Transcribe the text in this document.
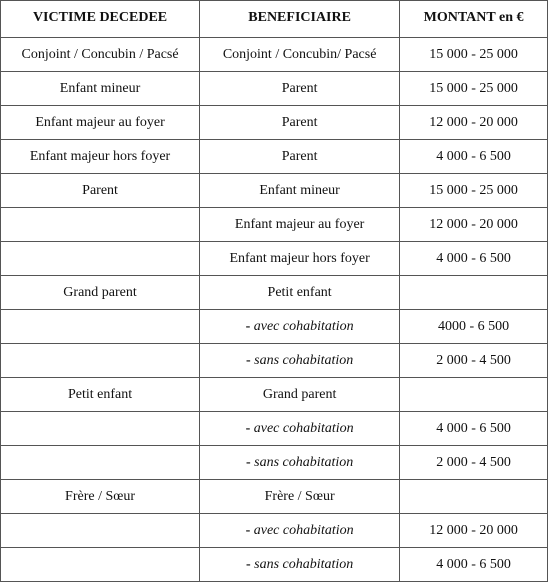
VICTIME DECEDEE	BENEFICIAIRE	MONTANT en €
Conjoint / Concubin / Pacsé	Conjoint / Concubin/ Pacsé	15 000 - 25 000
Enfant mineur	Parent	15 000 - 25 000
Enfant majeur au foyer	Parent	12 000 - 20 000
Enfant majeur hors foyer	Parent	4 000 - 6 500
Parent	Enfant mineur	15 000 - 25 000
	Enfant majeur au foyer	12 000 - 20 000
	Enfant majeur hors foyer	4 000 - 6 500
Grand parent	Petit enfant	
	- avec cohabitation	4000 - 6 500
	- sans cohabitation	2 000 - 4 500
Petit enfant	Grand parent	
	- avec cohabitation	4 000 - 6 500
	- sans cohabitation	2 000 - 4 500
Frère / Sœur	Frère / Sœur	
	- avec cohabitation	12 000 - 20 000
	- sans cohabitation	4 000 - 6 500
